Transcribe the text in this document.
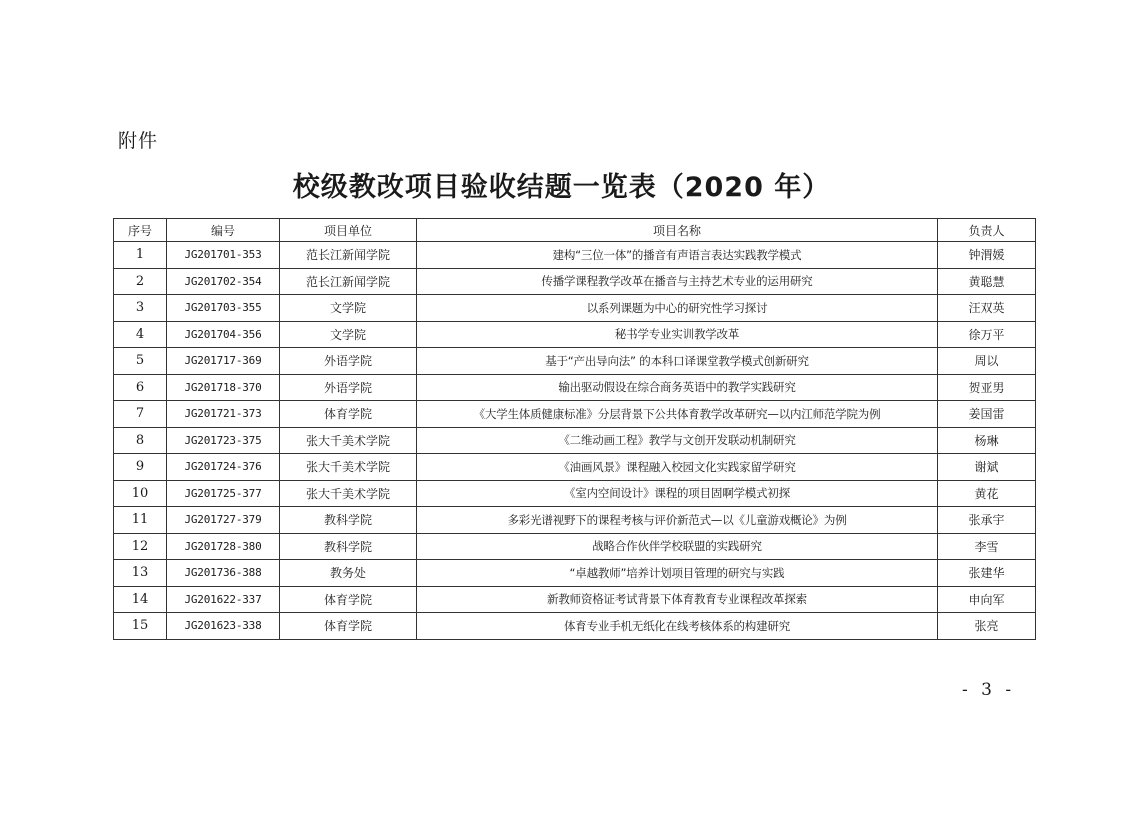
附件
校级教改项目验收结题一览表（2020 年）
序号	编号	项目单位	项目名称	负责人
1	JG201701-353	范长江新闻学院	建构“三位一体”的播音有声语言表达实践教学模式	钟渭媛
2	JG201702-354	范长江新闻学院	传播学课程教学改革在播音与主持艺术专业的运用研究	黄聪慧
3	JG201703-355	文学院	以系列课题为中心的研究性学习探讨	汪双英
4	JG201704-356	文学院	秘书学专业实训教学改革	徐万平
5	JG201717-369	外语学院	基于“产出导向法” 的本科口译课堂教学模式创新研究	周以
6	JG201718-370	外语学院	输出驱动假设在综合商务英语中的教学实践研究	贺亚男
7	JG201721-373	体育学院	《大学生体质健康标准》分层背景下公共体育教学改革研究—以内江师范学院为例	姜国雷
8	JG201723-375	张大千美术学院	《二维动画工程》教学与文创开发联动机制研究	杨琳
9	JG201724-376	张大千美术学院	《油画风景》课程融入校园文化实践家留学研究	谢斌
10	JG201725-377	张大千美术学院	《室内空间设计》课程的项目固啊学模式初探	黄花
11	JG201727-379	教科学院	多彩光谱视野下的课程考核与评价新范式—以《儿童游戏概论》为例	张承宇
12	JG201728-380	教科学院	战略合作伙伴学校联盟的实践研究	李雪
13	JG201736-388	教务处	“卓越教师”培养计划项目管理的研究与实践	张建华
14	JG201622-337	体育学院	新教师资格证考试背景下体育教育专业课程改革探索	申向军
15	JG201623-338	体育学院	体育专业手机无纸化在线考核体系的构建研究	张亮
- 3 -
